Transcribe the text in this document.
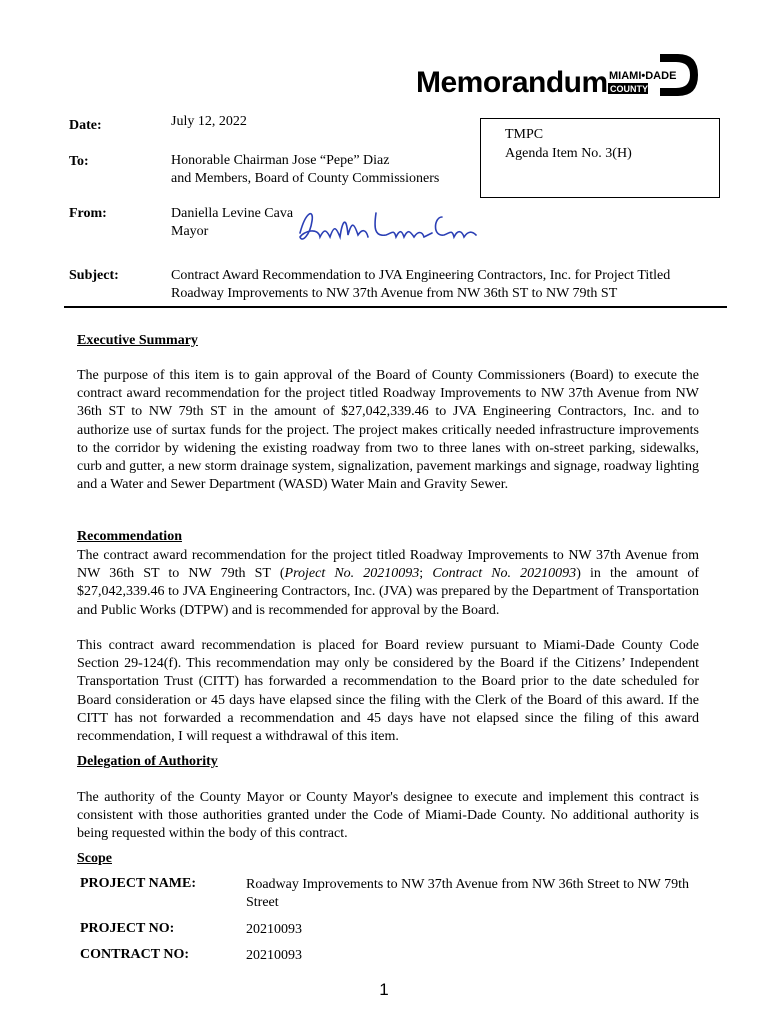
Memorandum MIAMI•DADE
COUNTY
Date:	July 12, 2022
To:	Honorable Chairman Jose “Pepe” Diaz
and Members, Board of County Commissioners
TMPC
Agenda Item No. 3(H)
From:	Daniella Levine Cava
Mayor
Subject:	Contract Award Recommendation to JVA Engineering Contractors, Inc. for Project Titled
Roadway Improvements to NW 37th Avenue from NW 36th ST to NW 79th ST
Executive Summary
The purpose of this item is to gain approval of the Board of County Commissioners (Board) to execute the contract award recommendation for the project titled Roadway Improvements to NW 37th Avenue from NW 36th ST to NW 79th ST in the amount of $27,042,339.46 to JVA Engineering Contractors, Inc. and to authorize use of surtax funds for the project. The project makes critically needed infrastructure improvements to the corridor by widening the existing roadway from two to three lanes with on-street parking, sidewalks, curb and gutter, a new storm drainage system, signalization, pavement markings and signage, roadway lighting and a Water and Sewer Department (WASD) Water Main and Gravity Sewer.
Recommendation
The contract award recommendation for the project titled Roadway Improvements to NW 37th Avenue from NW 36th ST to NW 79th ST (Project No. 20210093; Contract No. 20210093) in the amount of $27,042,339.46 to JVA Engineering Contractors, Inc. (JVA) was prepared by the Department of Transportation and Public Works (DTPW) and is recommended for approval by the Board.
This contract award recommendation is placed for Board review pursuant to Miami-Dade County Code Section 29-124(f). This recommendation may only be considered by the Board if the Citizens’ Independent Transportation Trust (CITT) has forwarded a recommendation to the Board prior to the date scheduled for Board consideration or 45 days have elapsed since the filing with the Clerk of the Board of this award. If the CITT has not forwarded a recommendation and 45 days have not elapsed since the filing of this award recommendation, I will request a withdrawal of this item.
Delegation of Authority
The authority of the County Mayor or County Mayor's designee to execute and implement this contract is consistent with those authorities granted under the Code of Miami-Dade County. No additional authority is being requested within the body of this contract.
Scope
PROJECT NAME:	Roadway Improvements to NW 37th Avenue from NW 36th Street to NW 79th Street
PROJECT NO:	20210093
CONTRACT NO:	20210093
1
